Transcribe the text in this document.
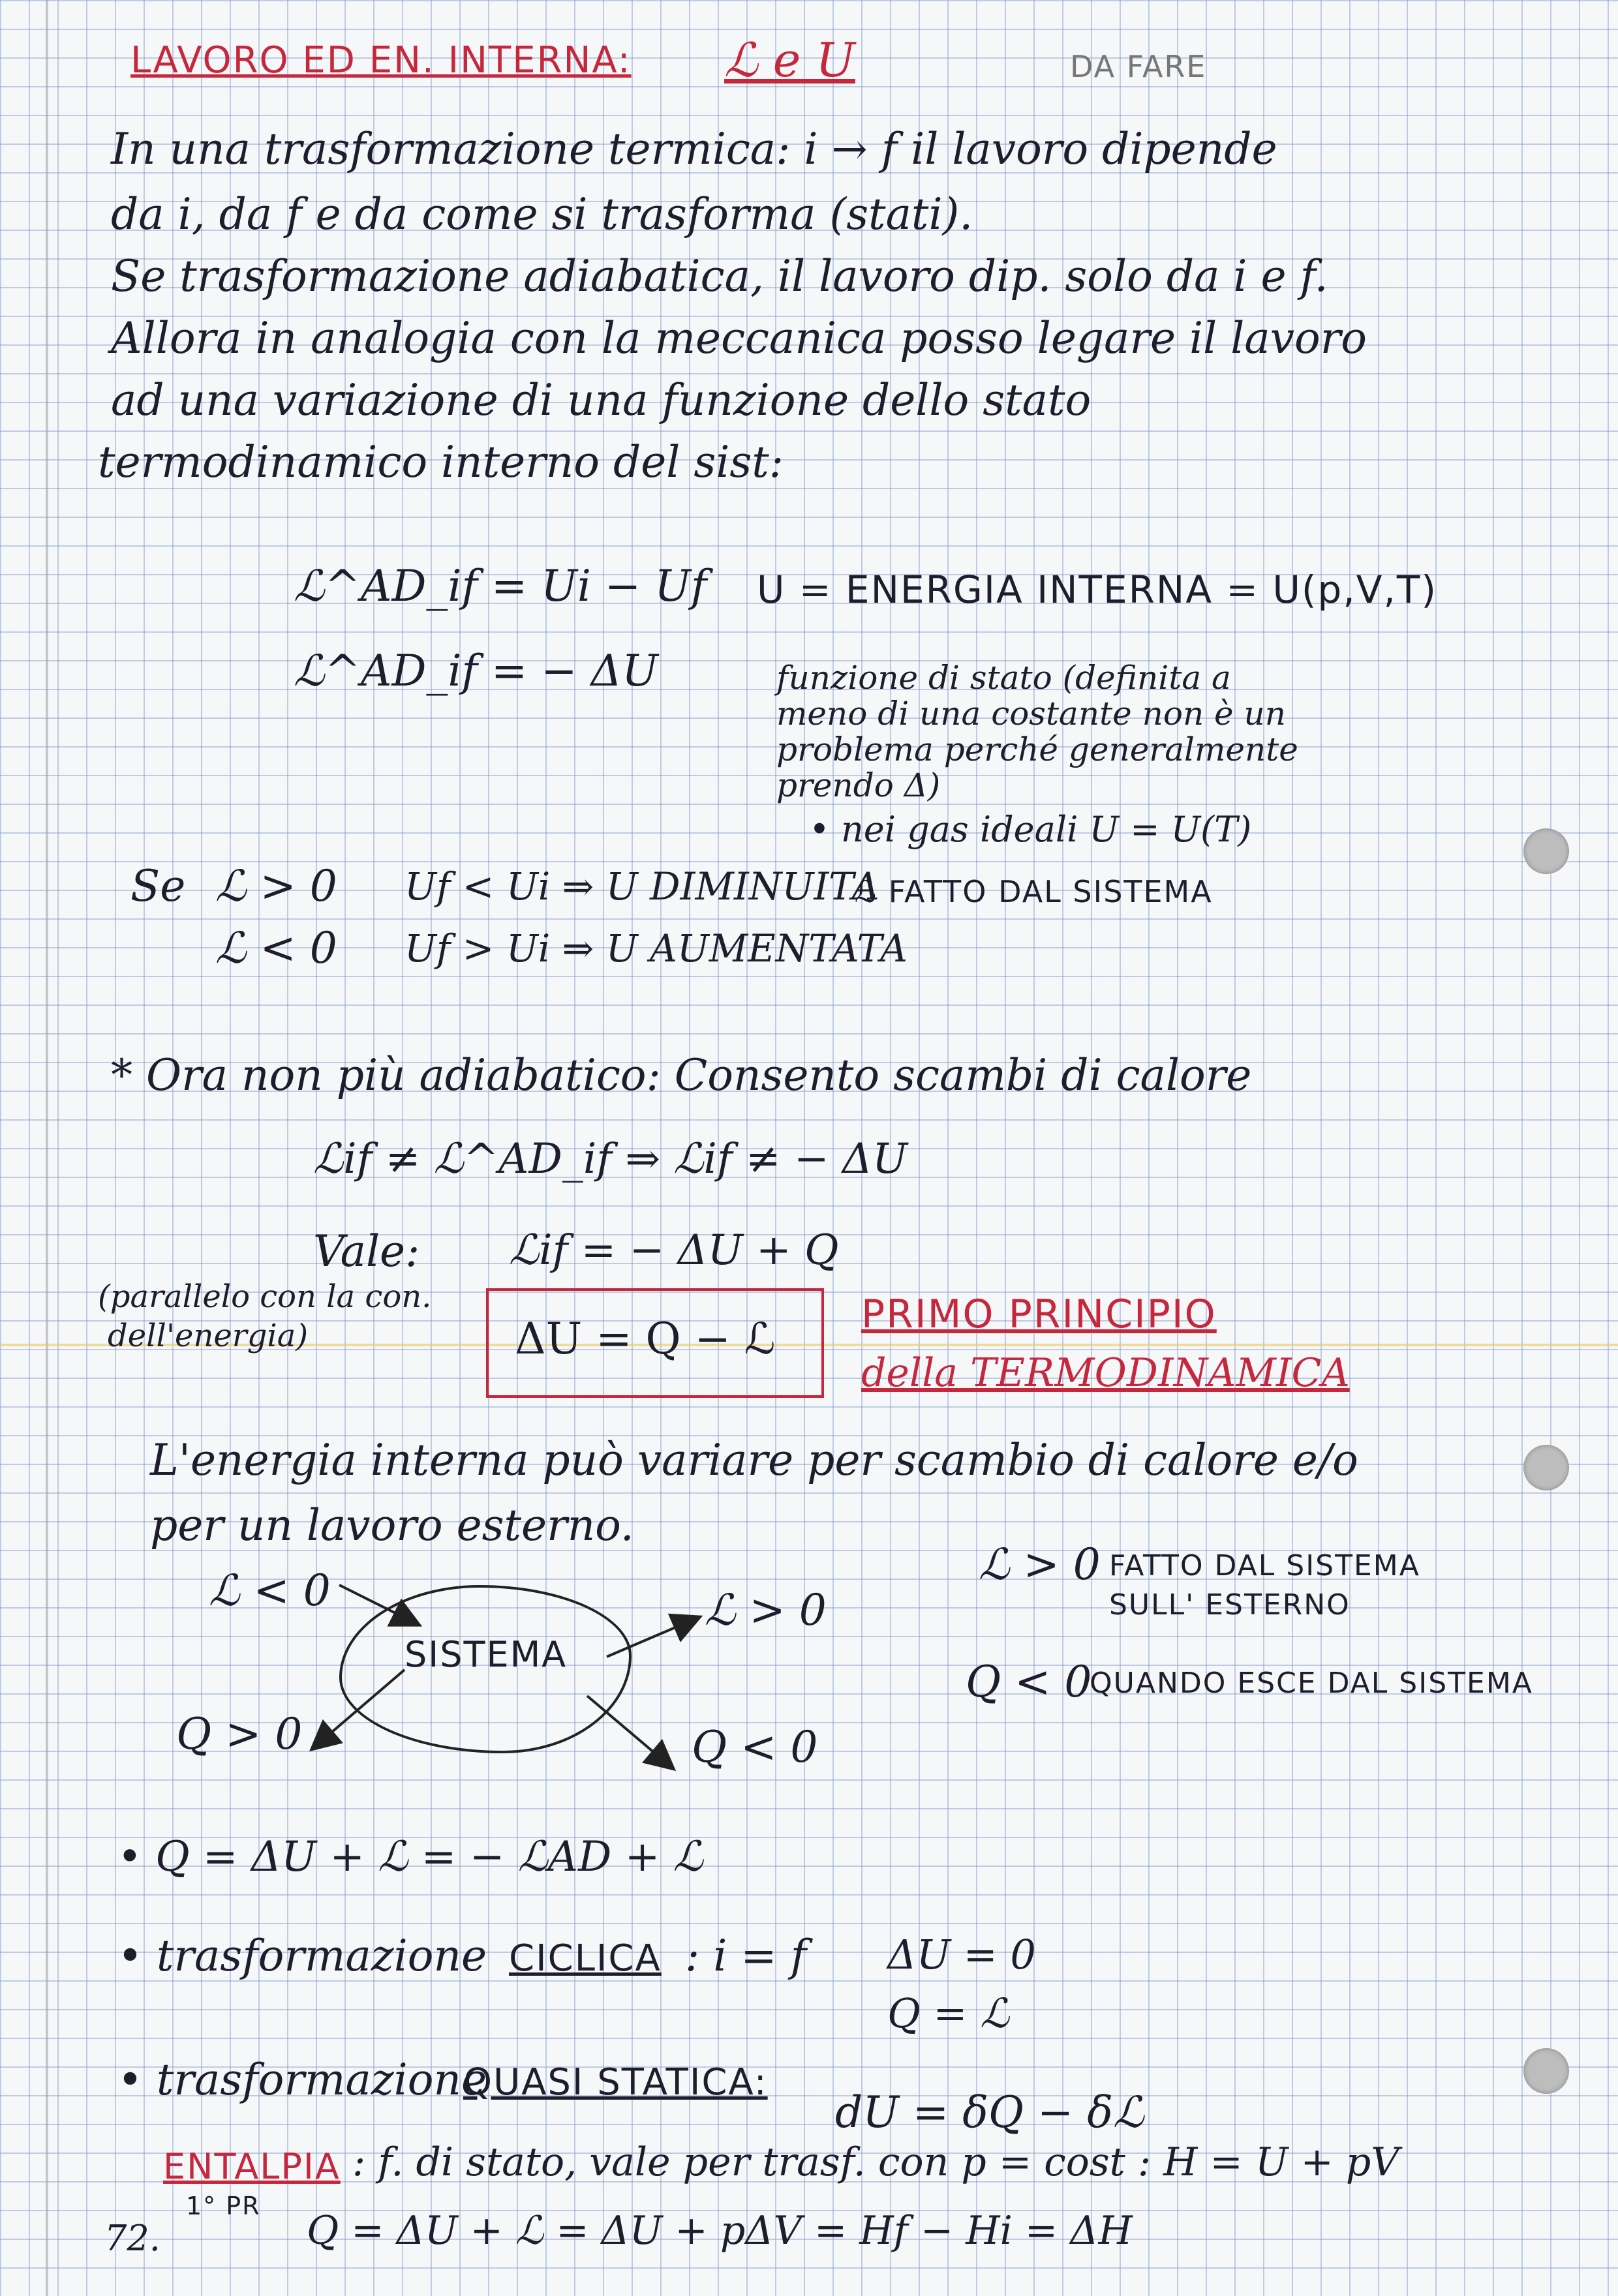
LAVORO ED EN. INTERNA: ℒ e U	DA FARE
In una trasformazione termica: i → f il lavoro dipende
da i, da f e da come si trasforma (stati).
Se trasformazione adiabatica, il lavoro dip. solo da i e f.
Allora in analogia con la meccanica posso legare il lavoro
ad una variazione di una funzione dello stato
termodinamico interno del sist:
ℒ^AD_if = Ui − Uf
ℒ^AD_if = − ΔU
U = ENERGIA INTERNA = U(p,V,T)
funzione di stato (definita a
meno di una costante non è un
problema perché generalmente
prendo Δ)
• nei gas ideali U = U(T)
Se ℒ > 0 Uf < Ui ⇒ U DIMINUITA
ℒ FATTO DAL SISTEMA
ℒ < 0 Uf > Ui ⇒ U AUMENTATA
* Ora non più adiabatico: Consento scambi di calore
ℒif ≠ ℒ^AD_if ⇒ ℒif ≠ − ΔU
Vale: ℒif = − ΔU + Q
(parallelo con la con.
dell'energia)	ΔU = Q − ℒ PRIMO PRINCIPIO
della TERMODINAMICA
L'energia interna può variare per scambio di calore e/o
per un lavoro esterno.
SISTEMA
ℒ < 0	ℒ > 0
Q > 0	Q < 0
ℒ > 0 FATTO DAL SISTEMA
SULL' ESTERNO
Q < 0
QUANDO ESCE DAL SISTEMA
• Q = ΔU + ℒ = − ℒAD + ℒ
• trasformazione CICLICA : i = f ΔU = 0
Q = ℒ
• trasformazione
QUASI STATICA:
dU = δQ − δℒ
ENTALPIA : f. di stato, vale per trasf. con p = cost : H = U + pV
1° PR
Q = ΔU + ℒ = ΔU + pΔV = Hf − Hi = ΔH
72.
